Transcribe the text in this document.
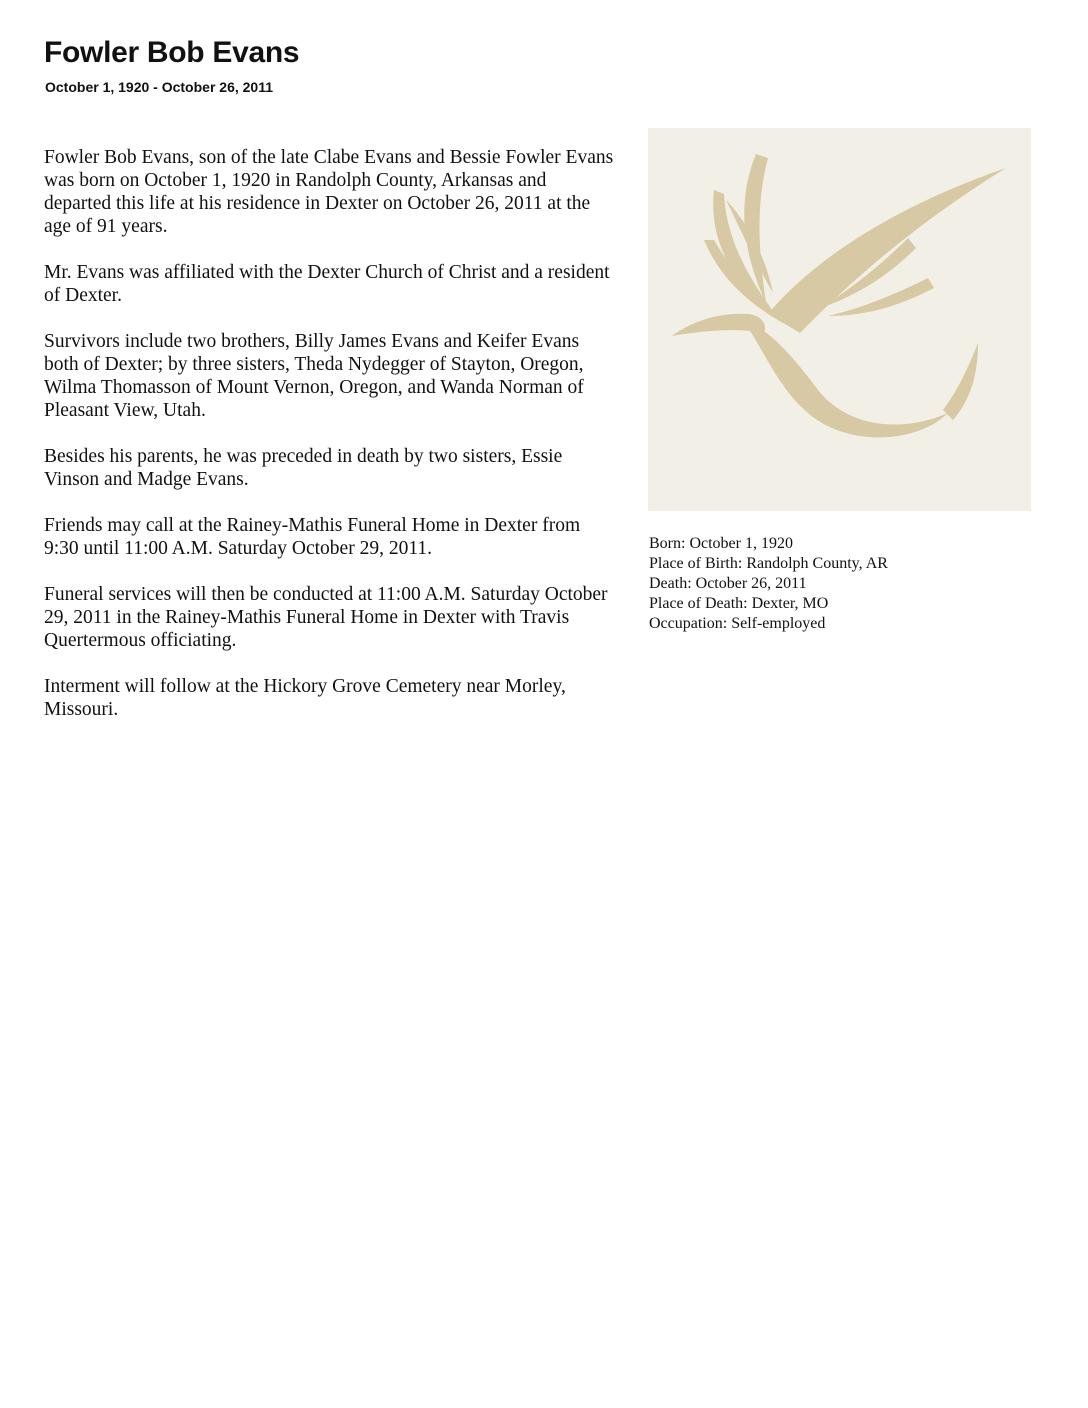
Fowler Bob Evans
October 1, 1920 - October 26, 2011

Fowler Bob Evans, son of the late Clabe Evans and Bessie Fowler Evans was born on October 1, 1920 in Randolph County, Arkansas and departed this life at his residence in Dexter on October 26, 2011 at the age of 91 years.

Mr. Evans was affiliated with the Dexter Church of Christ and a resident of Dexter.

Survivors include two brothers, Billy James Evans and Keifer Evans both of Dexter; by three sisters, Theda Nydegger of Stayton, Oregon, Wilma Thomasson of Mount Vernon, Oregon, and Wanda Norman of Pleasant View, Utah.

Besides his parents, he was preceded in death by two sisters, Essie Vinson and Madge Evans.

Friends may call at the Rainey-Mathis Funeral Home in Dexter from 9:30 until 11:00 A.M. Saturday October 29, 2011.

Funeral services will then be conducted at 11:00 A.M. Saturday October 29, 2011 in the Rainey-Mathis Funeral Home in Dexter with Travis Quertermous officiating.

Interment will follow at the Hickory Grove Cemetery near Morley, Missouri.

Born: October 1, 1920
Place of Birth: Randolph County, AR
Death: October 26, 2011
Place of Death: Dexter, MO
Occupation: Self-employed
